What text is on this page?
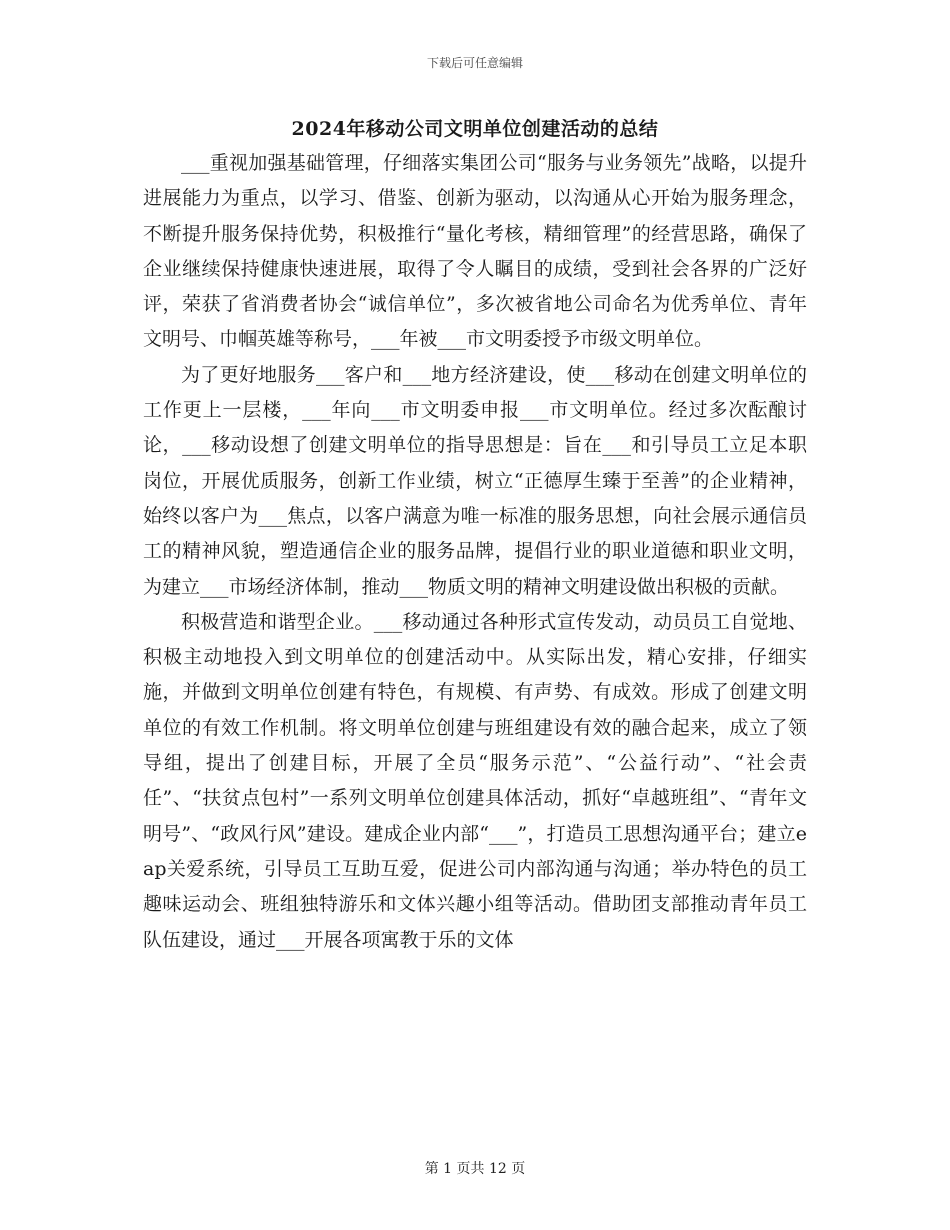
下载后可任意编辑
2024年移动公司文明单位创建活动的总结

___重视加强基础管理，仔细落实集团公司“服务与业务领先”战略，以提升进展能力为重点，以学习、借鉴、创新为驱动，以沟通从心开始为服务理念，不断提升服务保持优势，积极推行“量化考核，精细管理”的经营思路，确保了企业继续保持健康快速进展，取得了令人瞩目的成绩，受到社会各界的广泛好评，荣获了省消费者协会“诚信单位”，多次被省地公司命名为优秀单位、青年文明号、巾帼英雄等称号，___年被___市文明委授予市级文明单位。

为了更好地服务___客户和___地方经济建设，使___移动在创建文明单位的工作更上一层楼，___年向___市文明委申报___市文明单位。经过多次酝酿讨论，___移动设想了创建文明单位的指导思想是：旨在___和引导员工立足本职岗位，开展优质服务，创新工作业绩，树立“正德厚生臻于至善”的企业精神，始终以客户为___焦点，以客户满意为唯一标准的服务思想，向社会展示通信员工的精神风貌，塑造通信企业的服务品牌，提倡行业的职业道德和职业文明，为建立___市场经济体制，推动___物质文明的精神文明建设做出积极的贡献。

积极营造和谐型企业。___移动通过各种形式宣传发动，动员员工自觉地、积极主动地投入到文明单位的创建活动中。从实际出发，精心安排，仔细实施，并做到文明单位创建有特色，有规模、有声势、有成效。形成了创建文明单位的有效工作机制。将文明单位创建与班组建设有效的融合起来，成立了领导组，提出了创建目标，开展了全员“服务示范”、“公益行动”、“社会责任”、“扶贫点包村”一系列文明单位创建具体活动，抓好“卓越班组”、“青年文明号”、“政风行风”建设。建成企业内部“___”，打造员工思想沟通平台；建立eap关爱系统，引导员工互助互爱，促进公司内部沟通与沟通；举办特色的员工趣味运动会、班组独特游乐和文体兴趣小组等活动。借助团支部推动青年员工队伍建设，通过___开展各项寓教于乐的文体

第 1 页共 12 页
